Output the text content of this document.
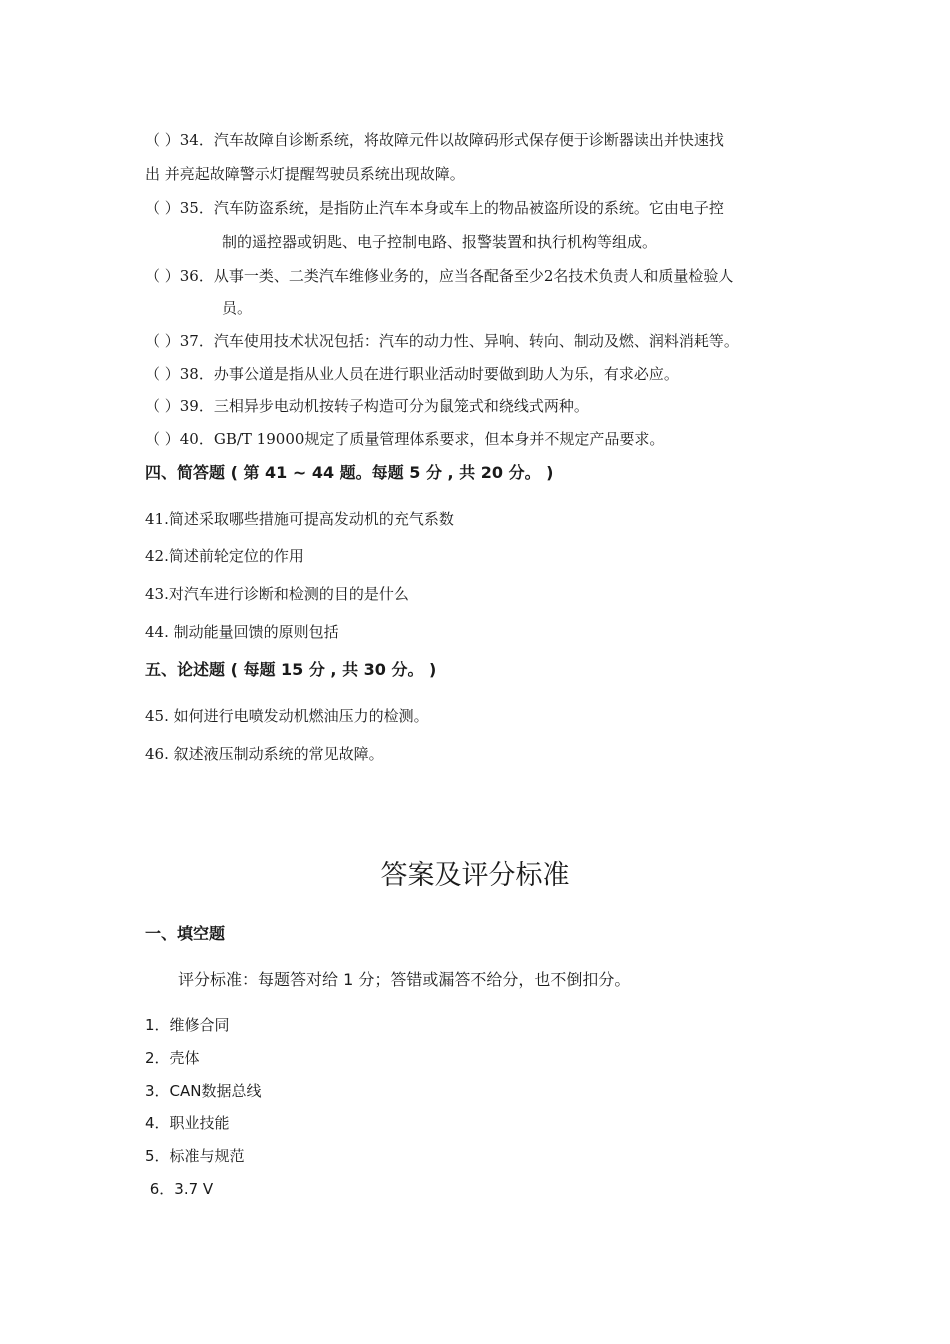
（ ）34．汽车故障自诊断系统，将故障元件以故障码形式保存便于诊断器读出并快速找
出 并亮起故障警示灯提醒驾驶员系统出现故障。
（ ）35．汽车防盗系统，是指防止汽车本身或车上的物品被盗所设的系统。它由电子控
制的遥控器或钥匙、电子控制电路、报警装置和执行机构等组成。
（ ）36．从事一类、二类汽车维修业务的，应当各配备至少2名技术负责人和质量检验人
员。
（ ）37．汽车使用技术状况包括：汽车的动力性、异响、转向、制动及燃、润料消耗等。
（ ）38．办事公道是指从业人员在进行职业活动时要做到助人为乐，有求必应。
（ ）39．三相异步电动机按转子构造可分为鼠笼式和绕线式两种。
（ ）40．GB/T 19000规定了质量管理体系要求，但本身并不规定产品要求。
四、简答题 ( 第 41 ~ 44 题。每题 5 分 , 共 20 分。 )
41.简述采取哪些措施可提高发动机的充气系数
42.简述前轮定位的作用
43.对汽车进行诊断和检测的目的是什么
44. 制动能量回馈的原则包括
五、论述题 ( 每题 15 分 , 共 30 分。 )
45. 如何进行电喷发动机燃油压力的检测。
46. 叙述液压制动系统的常见故障。
答案及评分标准
一、填空题
评分标准：每题答对给 1 分；答错或漏答不给分，也不倒扣分。
1．维修合同
2．壳体
3．CAN数据总线
4．职业技能
5．标准与规范
6．3.7 V
